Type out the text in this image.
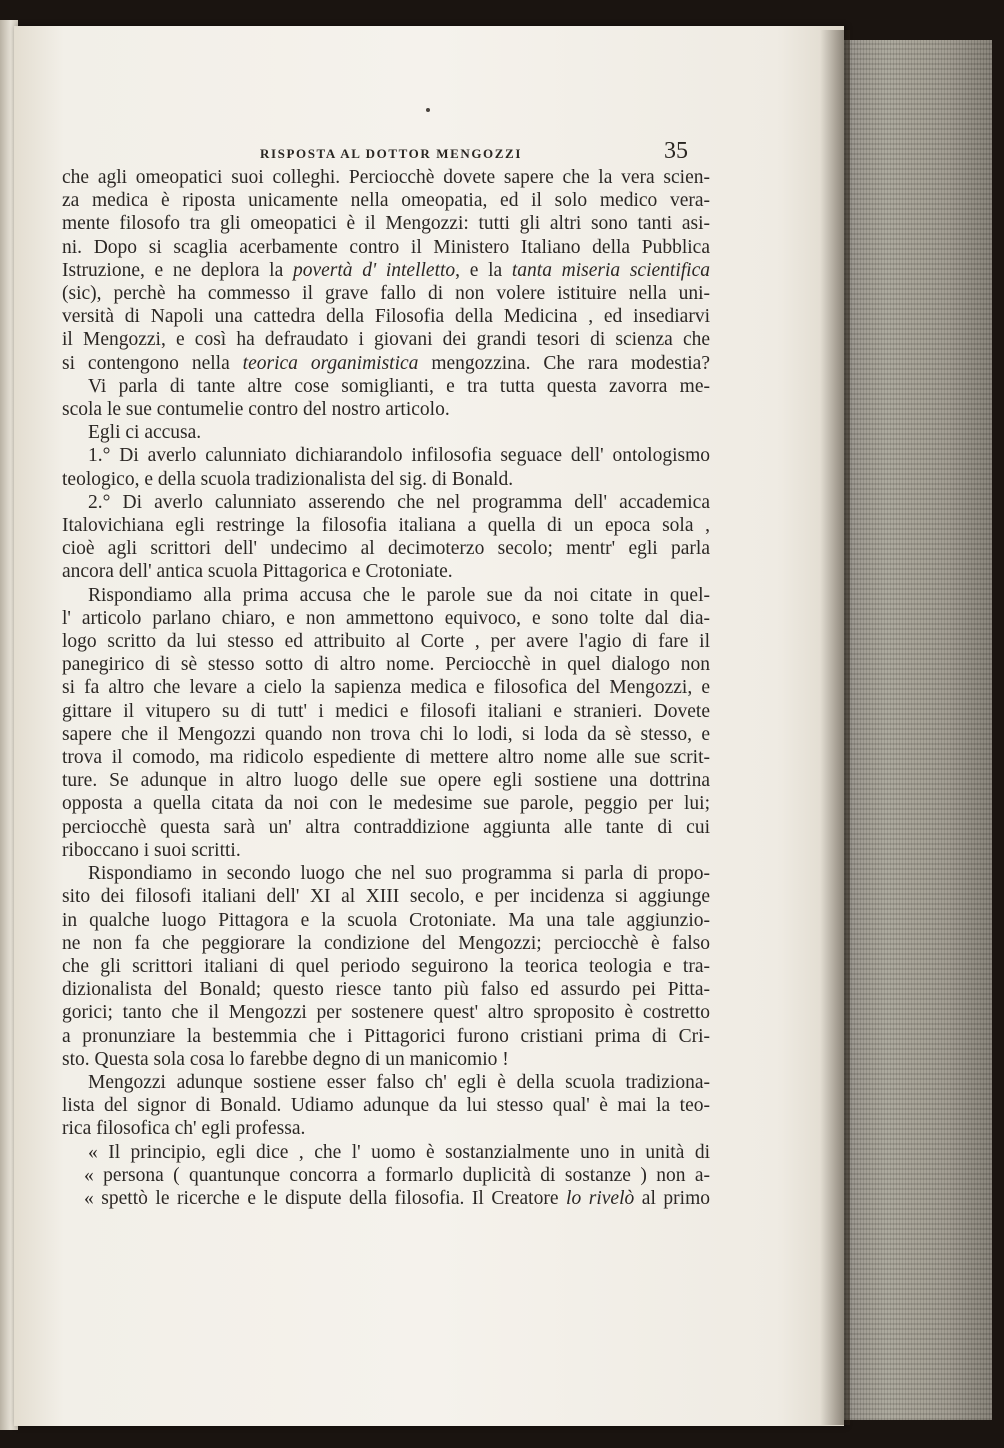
RISPOSTA AL DOTTOR MENGOZZI	35
che agli omeopatici suoi colleghi. Perciocchè dovete sapere che la vera scien-
za medica è riposta unicamente nella omeopatia, ed il solo medico vera-
mente filosofo tra gli omeopatici è il Mengozzi: tutti gli altri sono tanti asi-
ni. Dopo si scaglia acerbamente contro il Ministero Italiano della Pubblica
Istruzione, e ne deplora la povertà d' intelletto, e la tanta miseria scientifica
(sic), perchè ha commesso il grave fallo di non volere istituire nella uni-
versità di Napoli una cattedra della Filosofia della Medicina , ed insediarvi
il Mengozzi, e così ha defraudato i giovani dei grandi tesori di scienza che
si contengono nella teorica organimistica mengozzina. Che rara modestia?
Vi parla di tante altre cose somiglianti, e tra tutta questa zavorra me-
scola le sue contumelie contro del nostro articolo.
Egli ci accusa.
1.° Di averlo calunniato dichiarandolo infilosofia seguace dell' ontologismo
teologico, e della scuola tradizionalista del sig. di Bonald.
2.° Di averlo calunniato asserendo che nel programma dell' accademica
Italovichiana egli restringe la filosofia italiana a quella di un epoca sola ,
cioè agli scrittori dell' undecimo al decimoterzo secolo; mentr' egli parla
ancora dell' antica scuola Pittagorica e Crotoniate.
Rispondiamo alla prima accusa che le parole sue da noi citate in quel-
l' articolo parlano chiaro, e non ammettono equivoco, e sono tolte dal dia-
logo scritto da lui stesso ed attribuito al Corte , per avere l'agio di fare il
panegirico di sè stesso sotto di altro nome. Perciocchè in quel dialogo non
si fa altro che levare a cielo la sapienza medica e filosofica del Mengozzi, e
gittare il vitupero su di tutt' i medici e filosofi italiani e stranieri. Dovete
sapere che il Mengozzi quando non trova chi lo lodi, si loda da sè stesso, e
trova il comodo, ma ridicolo espediente di mettere altro nome alle sue scrit-
ture. Se adunque in altro luogo delle sue opere egli sostiene una dottrina
opposta a quella citata da noi con le medesime sue parole, peggio per lui;
perciocchè questa sarà un' altra contraddizione aggiunta alle tante di cui
riboccano i suoi scritti.
Rispondiamo in secondo luogo che nel suo programma si parla di propo-
sito dei filosofi italiani dell' XI al XIII secolo, e per incidenza si aggiunge
in qualche luogo Pittagora e la scuola Crotoniate. Ma una tale aggiunzio-
ne non fa che peggiorare la condizione del Mengozzi; perciocchè è falso
che gli scrittori italiani di quel periodo seguirono la teorica teologia e tra-
dizionalista del Bonald; questo riesce tanto più falso ed assurdo pei Pitta-
gorici; tanto che il Mengozzi per sostenere quest' altro sproposito è costretto
a pronunziare la bestemmia che i Pittagorici furono cristiani prima di Cri-
sto. Questa sola cosa lo farebbe degno di un manicomio !
Mengozzi adunque sostiene esser falso ch' egli è della scuola tradiziona-
lista del signor di Bonald. Udiamo adunque da lui stesso qual' è mai la teo-
rica filosofica ch' egli professa.
« Il principio, egli dice , che l' uomo è sostanzialmente uno in unità di
« persona ( quantunque concorra a formarlo duplicità di sostanze ) non a-
« spettò le ricerche e le dispute della filosofia. Il Creatore lo rivelò al primo
